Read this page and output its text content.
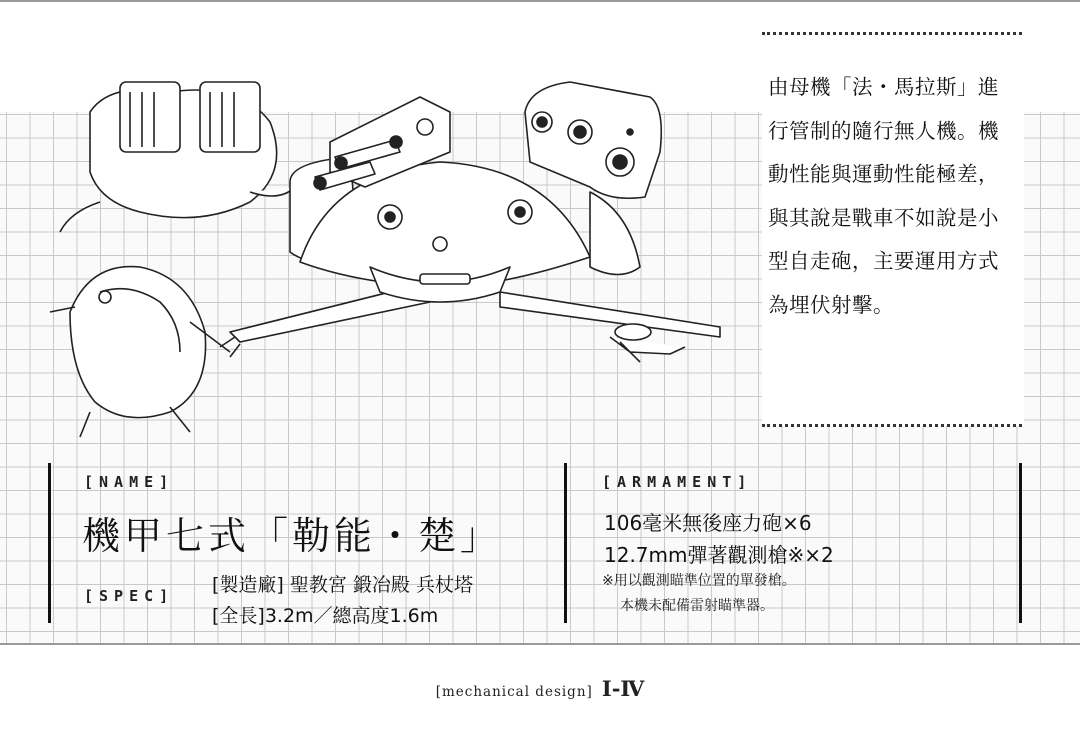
由母機「法・馬拉斯」進
行管制的隨行無人機。機
動性能與運動性能極差，
與其說是戰車不如說是小
型自走砲，主要運用方式
為埋伏射擊。
[NAME]
機甲七式「勒能・楚」
[SPEC] [製造廠] 聖教宮 鍛冶殿 兵杖塔
[全長]3.2m／總高度1.6m
[ARMAMENT]
106毫米無後座力砲×6
12.7mm彈著觀測槍※×2
※用以觀測瞄準位置的單發槍。
本機未配備雷射瞄準器。
[mechanical design] I-Ⅳ
